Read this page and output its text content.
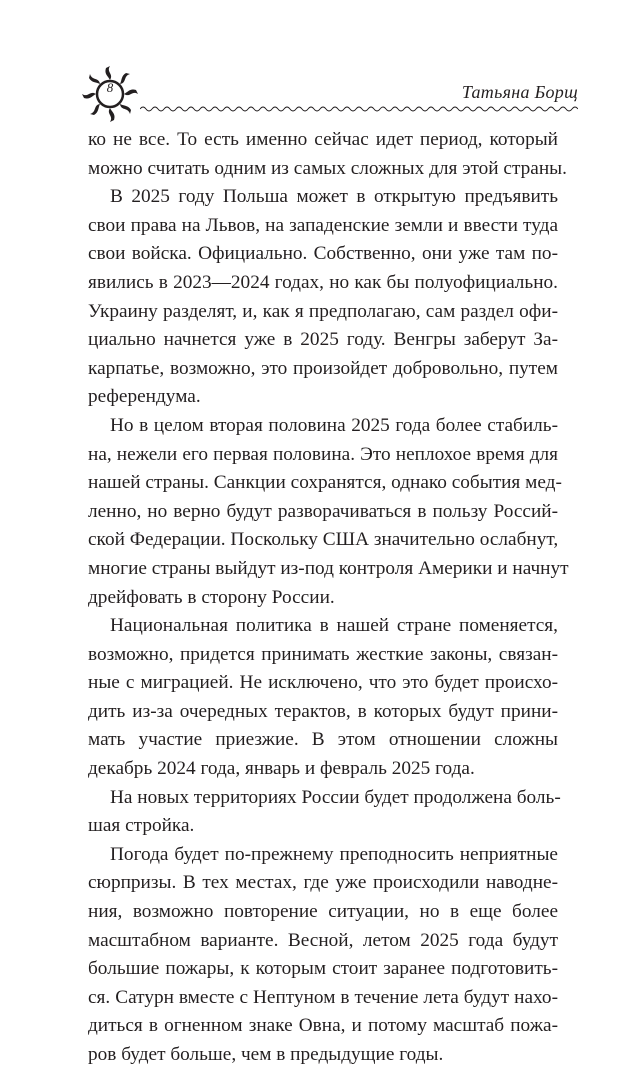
8	Татьяна Борщ
ко не все. То есть именно сейчас идет период, который
можно считать одним из самых сложных для этой страны.
В 2025 году Польша может в открытую предъявить
свои права на Львов, на западенские земли и ввести туда
свои войска. Официально. Собственно, они уже там по-
явились в 2023—2024 годах, но как бы полуофициально.
Украину разделят, и, как я предполагаю, сам раздел офи-
циально начнется уже в 2025 году. Венгры заберут За-
карпатье, возможно, это произойдет добровольно, путем
референдума.
Но в целом вторая половина 2025 года более стабиль-
на, нежели его первая половина. Это неплохое время для
нашей страны. Санкции сохранятся, однако события мед-
ленно, но верно будут разворачиваться в пользу Россий-
ской Федерации. Поскольку США значительно ослабнут,
многие страны выйдут из-под контроля Америки и начнут
дрейфовать в сторону России.
Национальная политика в нашей стране поменяется,
возможно, придется принимать жесткие законы, связан-
ные с миграцией. Не исключено, что это будет происхо-
дить из-за очередных терактов, в которых будут прини-
мать участие приезжие. В этом отношении сложны
декабрь 2024 года, январь и февраль 2025 года.
На новых территориях России будет продолжена боль-
шая стройка.
Погода будет по-прежнему преподносить неприятные
сюрпризы. В тех местах, где уже происходили наводне-
ния, возможно повторение ситуации, но в еще более
масштабном варианте. Весной, летом 2025 года будут
большие пожары, к которым стоит заранее подготовить-
ся. Сатурн вместе с Нептуном в течение лета будут нахо-
диться в огненном знаке Овна, и потому масштаб пожа-
ров будет больше, чем в предыдущие годы.
